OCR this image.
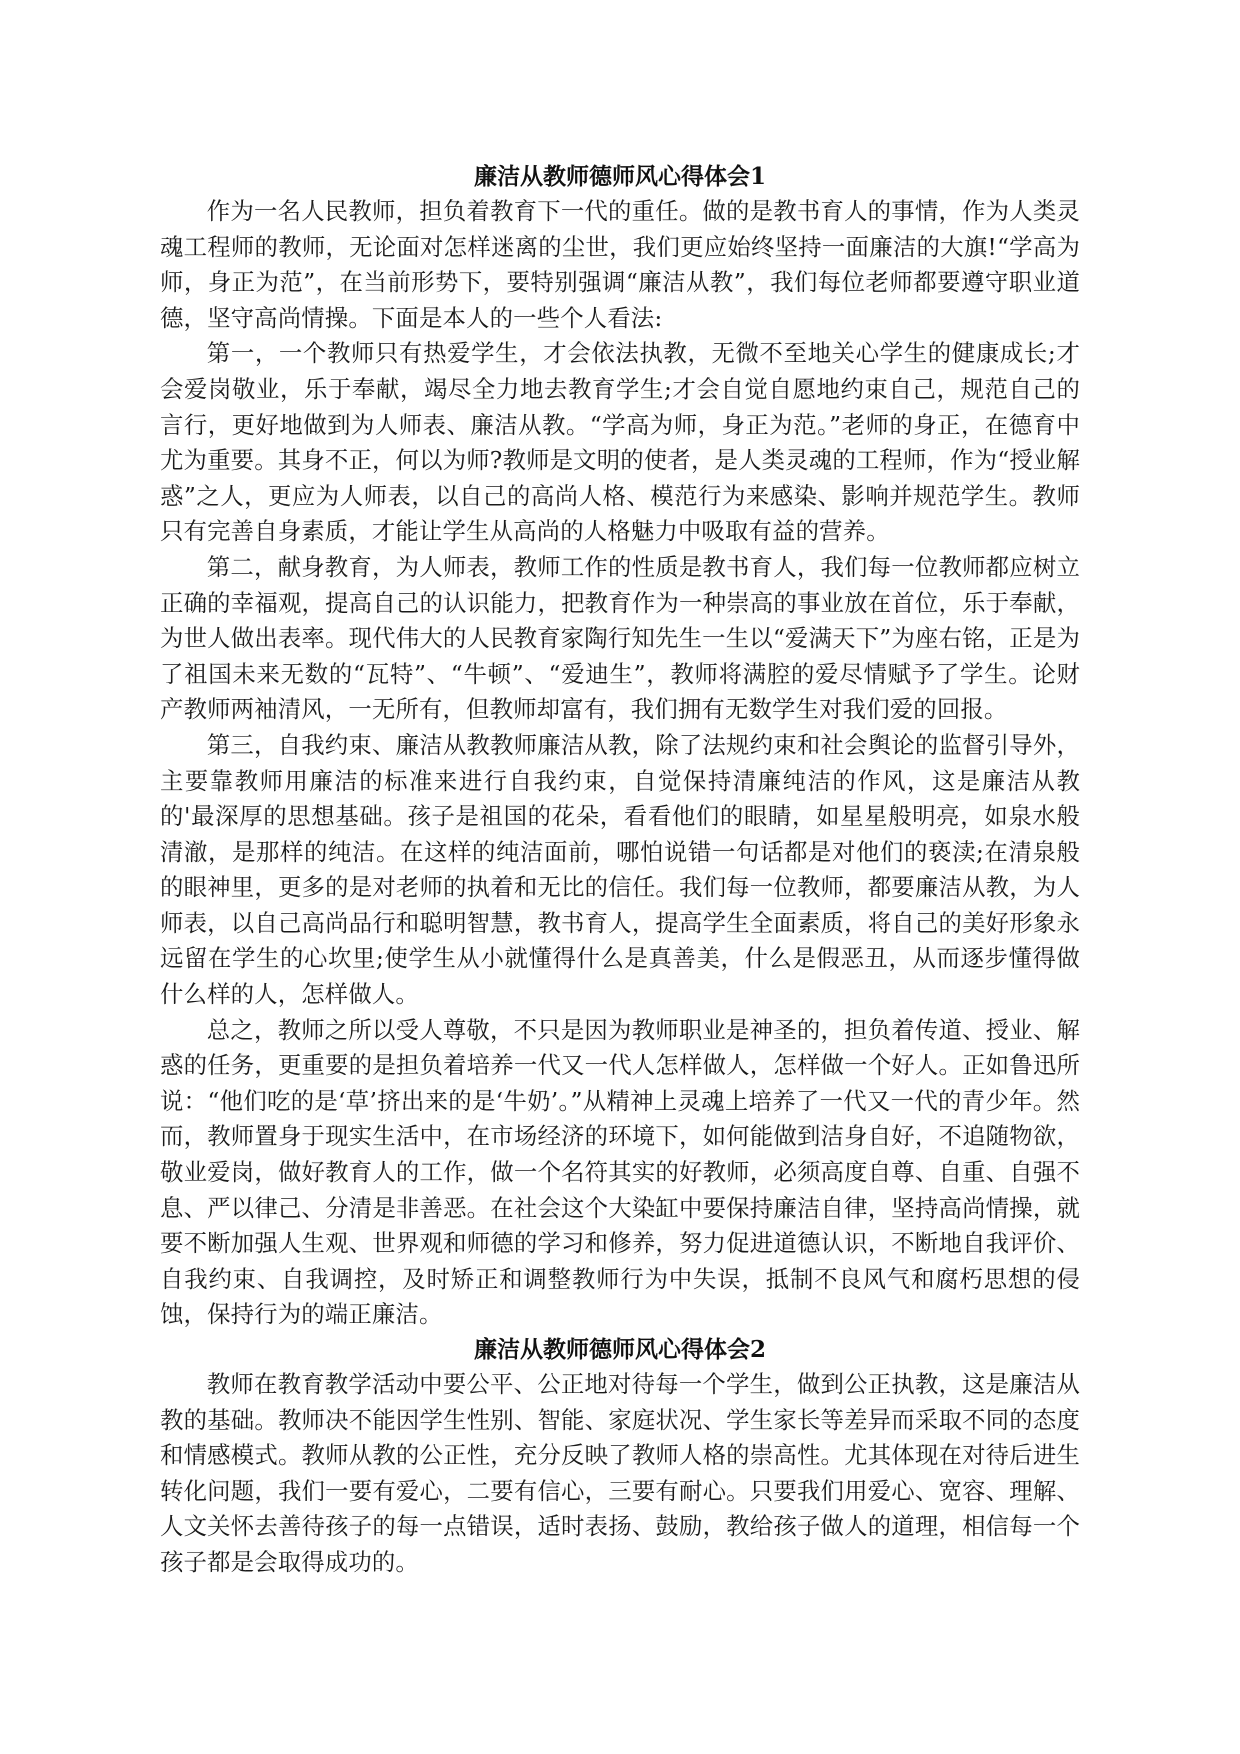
廉洁从教师德师风心得体会1

作为一名人民教师，担负着教育下一代的重任。做的是教书育人的事情，作为人类灵魂工程师的教师，无论面对怎样迷离的尘世，我们更应始终坚持一面廉洁的大旗!“学高为师，身正为范”，在当前形势下，要特别强调“廉洁从教”，我们每位老师都要遵守职业道德，坚守高尚情操。下面是本人的一些个人看法:

第一，一个教师只有热爱学生，才会依法执教，无微不至地关心学生的健康成长;才会爱岗敬业，乐于奉献，竭尽全力地去教育学生;才会自觉自愿地约束自己，规范自己的言行，更好地做到为人师表、廉洁从教。“学高为师，身正为范。”老师的身正，在德育中尤为重要。其身不正，何以为师?教师是文明的使者，是人类灵魂的工程师，作为“授业解惑”之人，更应为人师表，以自己的高尚人格、模范行为来感染、影响并规范学生。教师只有完善自身素质，才能让学生从高尚的人格魅力中吸取有益的营养。

第二，献身教育，为人师表，教师工作的性质是教书育人，我们每一位教师都应树立正确的幸福观，提高自己的认识能力，把教育作为一种崇高的事业放在首位，乐于奉献，为世人做出表率。现代伟大的人民教育家陶行知先生一生以“爱满天下”为座右铭，正是为了祖国未来无数的“瓦特”、“牛顿”、“爱迪生”，教师将满腔的爱尽情赋予了学生。论财产教师两袖清风，一无所有，但教师却富有，我们拥有无数学生对我们爱的回报。

第三，自我约束、廉洁从教教师廉洁从教，除了法规约束和社会舆论的监督引导外，主要靠教师用廉洁的标准来进行自我约束，自觉保持清廉纯洁的作风，这是廉洁从教的'最深厚的思想基础。孩子是祖国的花朵，看看他们的眼睛，如星星般明亮，如泉水般清澈，是那样的纯洁。在这样的纯洁面前，哪怕说错一句话都是对他们的亵渎;在清泉般的眼神里，更多的是对老师的执着和无比的信任。我们每一位教师，都要廉洁从教，为人师表，以自己高尚品行和聪明智慧，教书育人，提高学生全面素质，将自己的美好形象永远留在学生的心坎里;使学生从小就懂得什么是真善美，什么是假恶丑，从而逐步懂得做什么样的人，怎样做人。

总之，教师之所以受人尊敬，不只是因为教师职业是神圣的，担负着传道、授业、解惑的任务，更重要的是担负着培养一代又一代人怎样做人，怎样做一个好人。正如鲁迅所说：“他们吃的是‘草’挤出来的是‘牛奶’。”从精神上灵魂上培养了一代又一代的青少年。然而，教师置身于现实生活中，在市场经济的环境下，如何能做到洁身自好，不追随物欲，敬业爱岗，做好教育人的工作，做一个名符其实的好教师，必须高度自尊、自重、自强不息、严以律己、分清是非善恶。在社会这个大染缸中要保持廉洁自律，坚持高尚情操，就要不断加强人生观、世界观和师德的学习和修养，努力促进道德认识，不断地自我评价、自我约束、自我调控，及时矫正和调整教师行为中失误，抵制不良风气和腐朽思想的侵蚀，保持行为的端正廉洁。

廉洁从教师德师风心得体会2

教师在教育教学活动中要公平、公正地对待每一个学生，做到公正执教，这是廉洁从教的基础。教师决不能因学生性别、智能、家庭状况、学生家长等差异而采取不同的态度和情感模式。教师从教的公正性，充分反映了教师人格的崇高性。尤其体现在对待后进生转化问题，我们一要有爱心，二要有信心，三要有耐心。只要我们用爱心、宽容、理解、人文关怀去善待孩子的每一点错误，适时表扬、鼓励，教给孩子做人的道理，相信每一个孩子都是会取得成功的。
